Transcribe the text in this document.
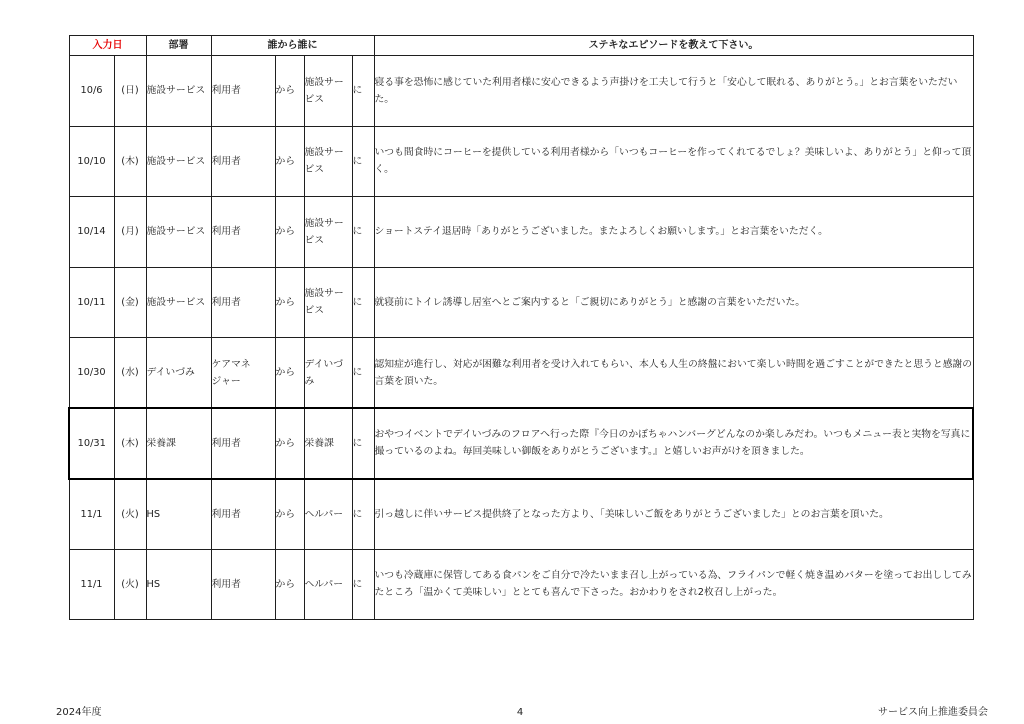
入力日		部署	誰から誰に				ステキなエピソードを教えて下さい。
10/6	(日)	施設サービス	利用者	から	施設サービス	に	寝る事を恐怖に感じていた利用者様に安心できるよう声掛けを工夫して行うと「安心して眠れる、ありがとう。」とお言葉をいただいた。
10/10	(木)	施設サービス	利用者	から	施設サービス	に	いつも間食時にコーヒーを提供している利用者様から「いつもコーヒーを作ってくれてるでしょ？美味しいよ、ありがとう」と仰って頂く。
10/14	(月)	施設サービス	利用者	から	施設サービス	に	ショートステイ退居時「ありがとうございました。またよろしくお願いします。」とお言葉をいただく。
10/11	(金)	施設サービス	利用者	から	施設サービス	に	就寝前にトイレ誘導し居室へとご案内すると「ご親切にありがとう」と感謝の言葉をいただいた。
10/30	(水)	デイいづみ	ケアマネジャー	から	デイいづみ	に	認知症が進行し、対応が困難な利用者を受け入れてもらい、本人も人生の終盤において楽しい時間を過ごすことができたと思うと感謝の言葉を頂いた。
10/31	(木)	栄養課	利用者	から	栄養課	に	おやつイベントでデイいづみのフロアへ行った際『今日のかぼちゃハンバーグどんなのか楽しみだわ。いつもメニュー表と実物を写真に撮っているのよね。毎回美味しい御飯をありがとうございます。』と嬉しいお声がけを頂きました。
11/1	(火)	HS	利用者	から	ヘルパー	に	引っ越しに伴いサービス提供終了となった方より、「美味しいご飯をありがとうございました」とのお言葉を頂いた。
11/1	(火)	HS	利用者	から	ヘルパー	に	いつも冷蔵庫に保管してある食パンをご自分で冷たいまま召し上がっている為、フライパンで軽く焼き温めバターを塗ってお出ししてみたところ「温かくて美味しい」ととても喜んで下さった。おかわりをされ2枚召し上がった。
2024年度	4	サービス向上推進委員会
